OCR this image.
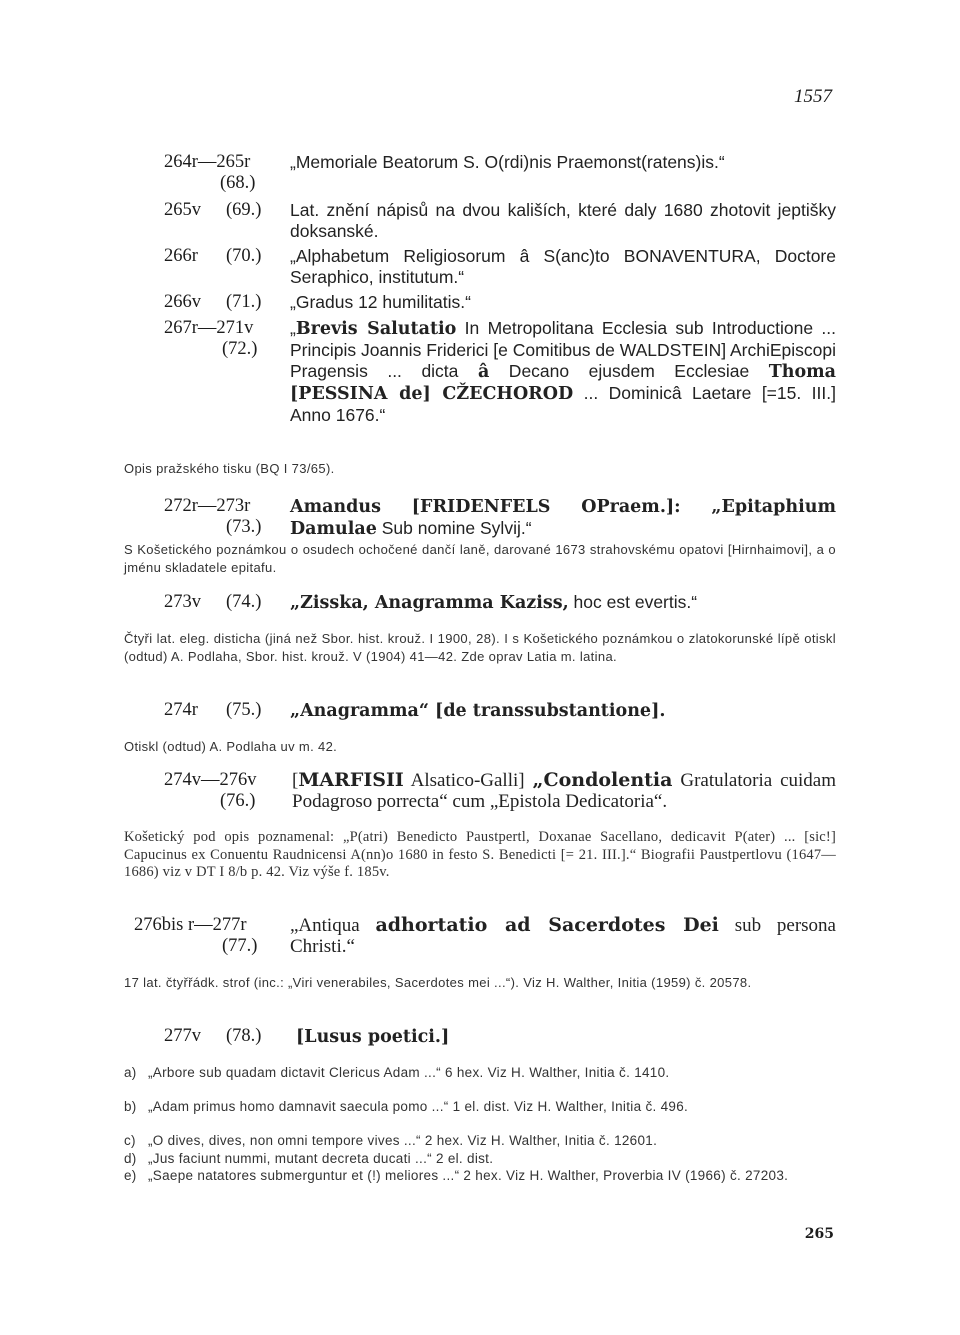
1557
264r—265r
(68.)
„Memoriale Beatorum S. O(rdi)nis Praemonst(ratens)is.“
265v (69.) Lat. znění nápisů na dvou kališích, které daly 1680 zhotovit jeptišky doksanské.
266r (70.) „Alphabetum Religiosorum â S(anc)to BONAVENTURA, Doctore Seraphico, institutum.“
266v (71.) „Gradus 12 humilitatis.“
267r—271v
(72.)
„Brevis Salutatio In Metropolitana Ecclesia sub Introductione ... Principis Joannis Friderici [e Comitibus de WALDSTEIN] ArchiEpiscopi Pragensis ... dicta â Decano ejusdem Ecclesiae Thoma [PESSINA de] CŽECHOROD ... Dominicâ Laetare [=15. III.] Anno 1676.“
Opis pražského tisku (BQ I 73/65).
272r—273r
(73.)
Amandus [FRIDENFELS OPraem.]: „Epitaphium Damulae Sub nomine Sylvij.“
S Košetického poznámkou o osudech ochočené dančí laně, darované 1673 strahovskému opatovi [Hirnhaimovi], a o jménu skladatele epitafu.
273v (74.) „Zisska, Anagramma Kaziss, hoc est evertis.“
Čtyři lat. eleg. disticha (jiná než Sbor. hist. krouž. I 1900, 28). I s Košetického poznámkou o zlatokorunské lípě otiskl (odtud) A. Podlaha, Sbor. hist. krouž. V (1904) 41—42. Zde oprav Latia m. latina.
274r (75.) „Anagramma“ [de transsubstantione].
Otiskl (odtud) A. Podlaha uv m. 42.
274v—276v
(76.)
[MARFISII Alsatico-Galli] „Condolentia Gratulatoria cuidam Podagroso porrecta“ cum „Epistola Dedicatoria“.
Košetický pod opis poznamenal: „P(atri) Benedicto Paustpertl, Doxanae Sacellano, dedicavit P(ater) ... [sic!] Capucinus ex Conuentu Raudnicensi A(nn)o 1680 in festo S. Benedicti [= 21. III.].“ Biografii Paustpertlovu (1647—1686) viz v DT I 8/b p. 42. Viz výše f. 185v.
276bis r—277r
(77.)
„Antiqua adhortatio ad Sacerdotes Dei sub persona Christi.“
17 lat. čtyřřádk. strof (inc.: „Viri venerabiles, Sacerdotes mei ...“). Viz H. Walther, Initia (1959) č. 20578.
277v (78.) [Lusus poetici.]
a) „Arbore sub quadam dictavit Clericus Adam ...“ 6 hex. Viz H. Walther, Initia č. 1410.
b) „Adam primus homo damnavit saecula pomo ...“ 1 el. dist. Viz H. Walther, Initia č. 496.
c) „O dives, dives, non omni tempore vives ...“ 2 hex. Viz H. Walther, Initia č. 12601.
d) „Jus faciunt nummi, mutant decreta ducati ...“ 2 el. dist.
e) „Saepe natatores submerguntur et (!) meliores ...“ 2 hex. Viz H. Walther, Proverbia IV (1966) č. 27203.
265
